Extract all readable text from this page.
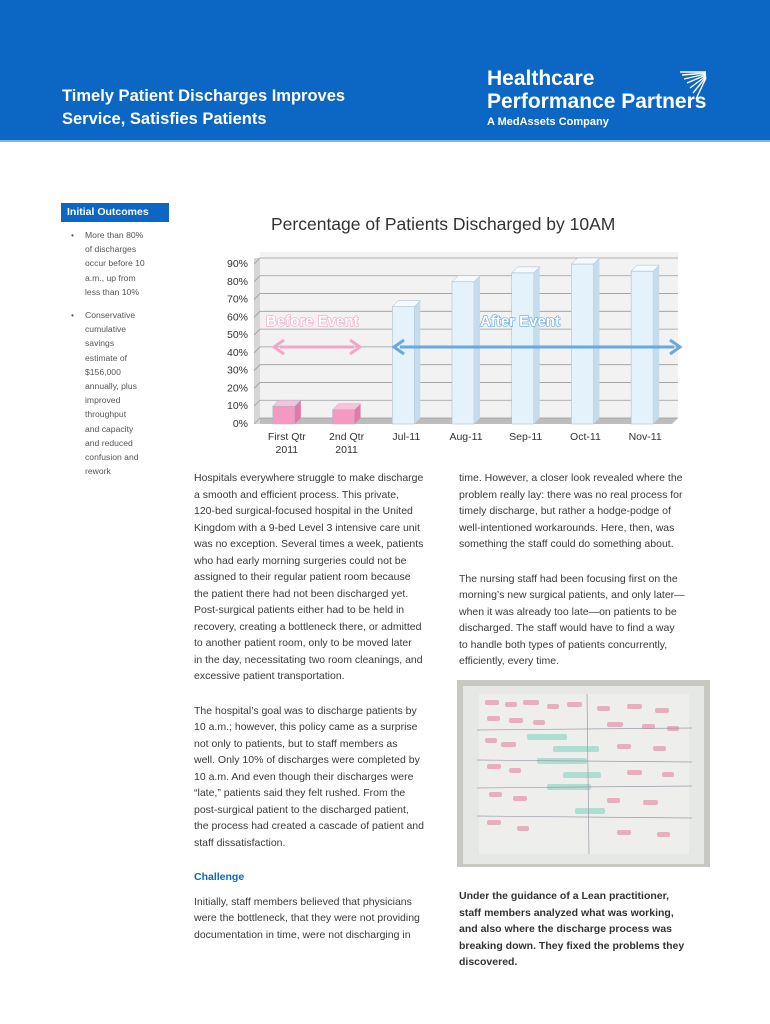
Timely Patient Discharges Improves
Service, Satisfies Patients
Healthcare
Performance Partners
A MedAssets Company
Initial Outcomes
• More than 80%
of discharges
occur before 10
a.m., up from
less than 10%
• Conservative
cumulative
savings
estimate of
$156,000
annually, plus
improved
throughput
and capacity
and reduced
confusion and
rework
Percentage of Patients Discharged by 10AM
0%
10%
20%
30%
40%
50%
60%
70%
80%
90%
First Qtr
2011
2nd Qtr
2011
Jul-11	Aug-11	Sep-11	Oct-11	Nov-11
Before Event	After Event

Hospitals everywhere struggle to make discharge
a smooth and efficient process. This private,
120-bed surgical-focused hospital in the United
Kingdom with a 9-bed Level 3 intensive care unit
was no exception. Several times a week, patients
who had early morning surgeries could not be
assigned to their regular patient room because
the patient there had not been discharged yet.
Post-surgical patients either had to be held in
recovery, creating a bottleneck there, or admitted
to another patient room, only to be moved later
in the day, necessitating two room cleanings, and
excessive patient transportation.

The hospital’s goal was to discharge patients by
10 a.m.; however, this policy came as a surprise
not only to patients, but to staff members as
well. Only 10% of discharges were completed by
10 a.m. And even though their discharges were
“late,” patients said they felt rushed. From the
post-surgical patient to the discharged patient,
the process had created a cascade of patient and
staff dissatisfaction.

Challenge

Initially, staff members believed that physicians
were the bottleneck, that they were not providing
documentation in time, were not discharging in

time. However, a closer look revealed where the
problem really lay: there was no real process for
timely discharge, but rather a hodge-podge of
well-intentioned workarounds. Here, then, was
something the staff could do something about.

The nursing staff had been focusing first on the
morning’s new surgical patients, and only later—
when it was already too late—on patients to be
discharged. The staff would have to find a way
to handle both types of patients concurrently,
efficiently, every time.

Under the guidance of a Lean practitioner,
staff members analyzed what was working,
and also where the discharge process was
breaking down. They fixed the problems they
discovered.
